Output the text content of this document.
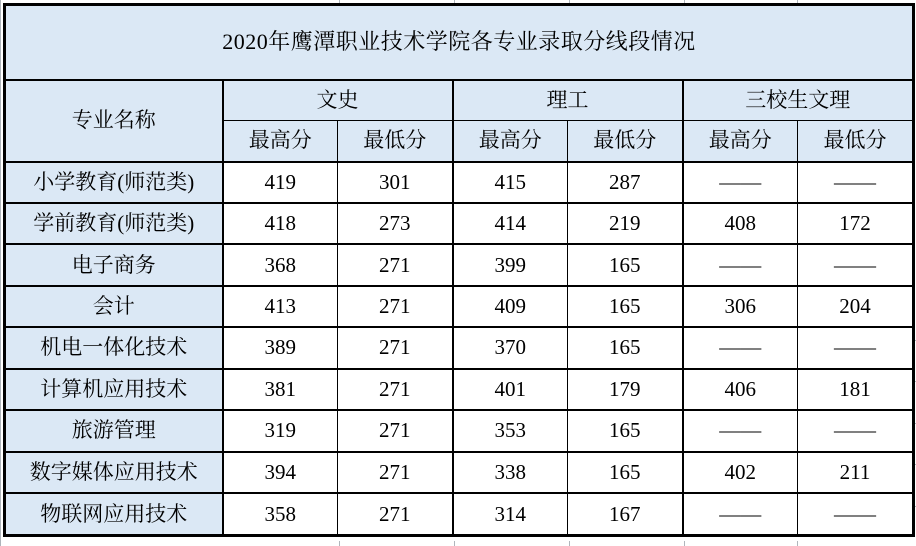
2020年鹰潭职业技术学院各专业录取分线段情况						
专业名称	文史		理工		三校生文理	
	最高分	最低分	最高分	最低分	最高分	最低分
小学教育(师范类)	419	301	415	287	——	——
学前教育(师范类)	418	273	414	219	408	172
电子商务	368	271	399	165	——	——
会计	413	271	409	165	306	204
机电一体化技术	389	271	370	165	——	——
计算机应用技术	381	271	401	179	406	181
旅游管理	319	271	353	165	——	——
数字媒体应用技术	394	271	338	165	402	211
物联网应用技术	358	271	314	167	——	——
